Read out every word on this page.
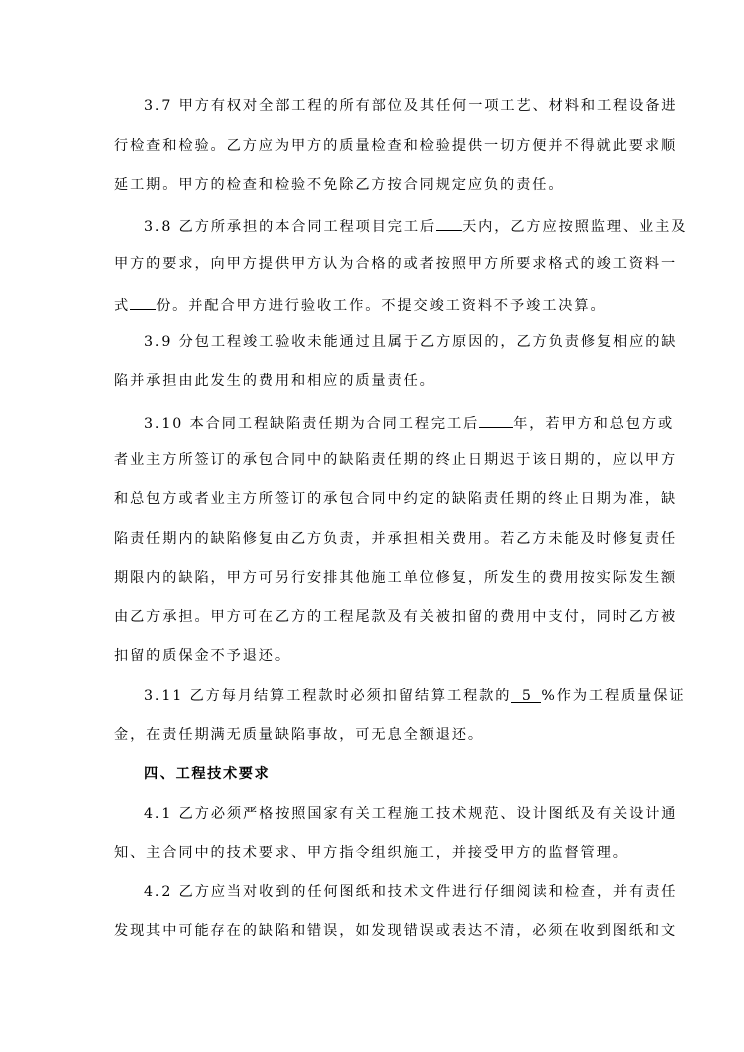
3.7 甲方有权对全部工程的所有部位及其任何一项工艺、材料和工程设备进
行检查和检验。乙方应为甲方的质量检查和检验提供一切方便并不得就此要求顺
延工期。甲方的检查和检验不免除乙方按合同规定应负的责任。
3.8 乙方所承担的本合同工程项目完工后 天内，乙方应按照监理、业主及
甲方的要求，向甲方提供甲方认为合格的或者按照甲方所要求格式的竣工资料一
式 份。并配合甲方进行验收工作。不提交竣工资料不予竣工决算。
3.9 分包工程竣工验收未能通过且属于乙方原因的，乙方负责修复相应的缺
陷并承担由此发生的费用和相应的质量责任。
3.10 本合同工程缺陷责任期为合同工程完工后 年，若甲方和总包方或
者业主方所签订的承包合同中的缺陷责任期的终止日期迟于该日期的，应以甲方
和总包方或者业主方所签订的承包合同中约定的缺陷责任期的终止日期为准，缺
陷责任期内的缺陷修复由乙方负责，并承担相关费用。若乙方未能及时修复责任
期限内的缺陷，甲方可另行安排其他施工单位修复，所发生的费用按实际发生额
由乙方承担。甲方可在乙方的工程尾款及有关被扣留的费用中支付，同时乙方被
扣留的质保金不予退还。
3.11 乙方每月结算工程款时必须扣留结算工程款的 5 %作为工程质量保证
金，在责任期满无质量缺陷事故，可无息全额退还。
四、工程技术要求
4.1 乙方必须严格按照国家有关工程施工技术规范、设计图纸及有关设计通
知、主合同中的技术要求、甲方指令组织施工，并接受甲方的监督管理。
4.2 乙方应当对收到的任何图纸和技术文件进行仔细阅读和检查，并有责任
发现其中可能存在的缺陷和错误，如发现错误或表达不清，必须在收到图纸和文
